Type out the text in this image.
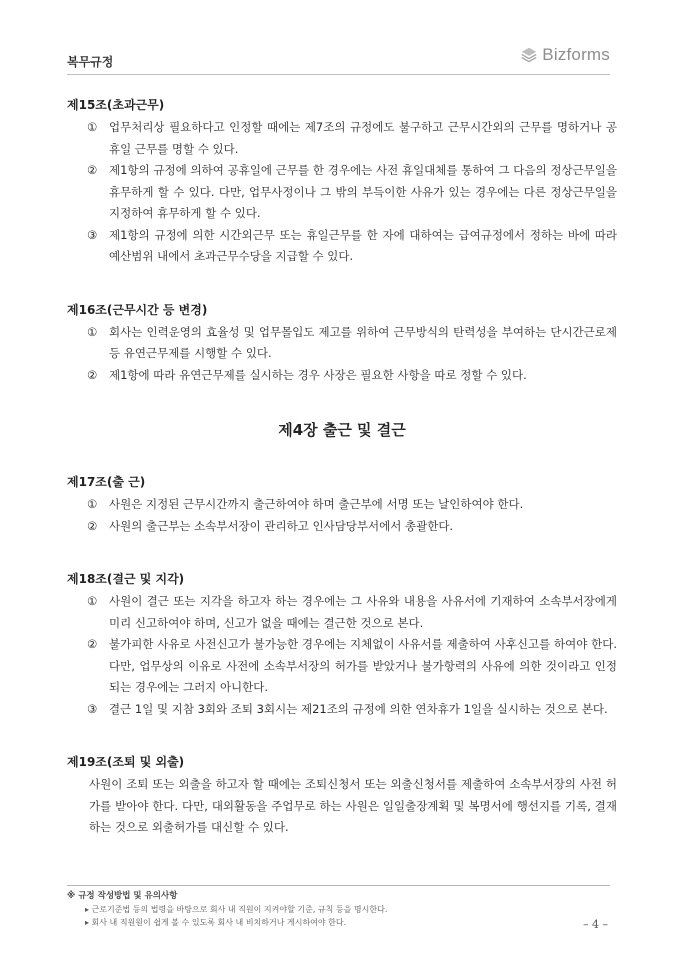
복무규정	Bizforms
제15조(초과근무)
①	업무처리상 필요하다고 인정할 때에는 제7조의 규정에도 불구하고 근무시간외의 근무를 명하거나 공휴일 근무를 명할 수 있다.
②	제1항의 규정에 의하여 공휴일에 근무를 한 경우에는 사전 휴일대체를 통하여 그 다음의 정상근무일을 휴무하게 할 수 있다. 다만, 업무사정이나 그 밖의 부득이한 사유가 있는 경우에는 다른 정상근무일을 지정하여 휴무하게 할 수 있다.
③	제1항의 규정에 의한 시간외근무 또는 휴일근무를 한 자에 대하여는 급여규정에서 정하는 바에 따라 예산범위 내에서 초과근무수당을 지급할 수 있다.
제16조(근무시간 등 변경)
①	회사는 인력운영의 효율성 및 업무몰입도 제고를 위하여 근무방식의 탄력성을 부여하는 단시간근로제 등 유연근무제를 시행할 수 있다.
②	제1항에 따라 유연근무제를 실시하는 경우 사장은 필요한 사항을 따로 정할 수 있다.
제4장 출근 및 결근
제17조(출 근)
①	사원은 지정된 근무시간까지 출근하여야 하며 출근부에 서명 또는 날인하여야 한다.
②	사원의 출근부는 소속부서장이 관리하고 인사담당부서에서 총괄한다.
제18조(결근 및 지각)
①	사원이 결근 또는 지각을 하고자 하는 경우에는 그 사유와 내용을 사유서에 기재하여 소속부서장에게 미리 신고하여야 하며, 신고가 없을 때에는 결근한 것으로 본다.
②	불가피한 사유로 사전신고가 불가능한 경우에는 지체없이 사유서를 제출하여 사후신고를 하여야 한다. 다만, 업무상의 이유로 사전에 소속부서장의 허가를 받았거나 불가항력의 사유에 의한 것이라고 인정되는 경우에는 그러지 아니한다.
③	결근 1일 및 지참 3회와 조퇴 3회시는 제21조의 규정에 의한 연차휴가 1일을 실시하는 것으로 본다.
제19조(조퇴 및 외출)
사원이 조퇴 또는 외출을 하고자 할 때에는 조퇴신청서 또는 외출신청서를 제출하여 소속부서장의 사전 허가를 받아야 한다. 다만, 대외활동을 주업무로 하는 사원은 일일출장계획 및 복명서에 행선지를 기록, 결재하는 것으로 외출허가를 대신할 수 있다.
※ 규정 작성방법 및 유의사항
▸ 근로기준법 등의 법령을 바탕으로 회사 내 직원이 지켜야할 기준, 규칙 등을 명시한다.
▸ 회사 내 직원원이 쉽게 볼 수 있도록 회사 내 비치하거나 게시하여야 한다.	– 4 –
